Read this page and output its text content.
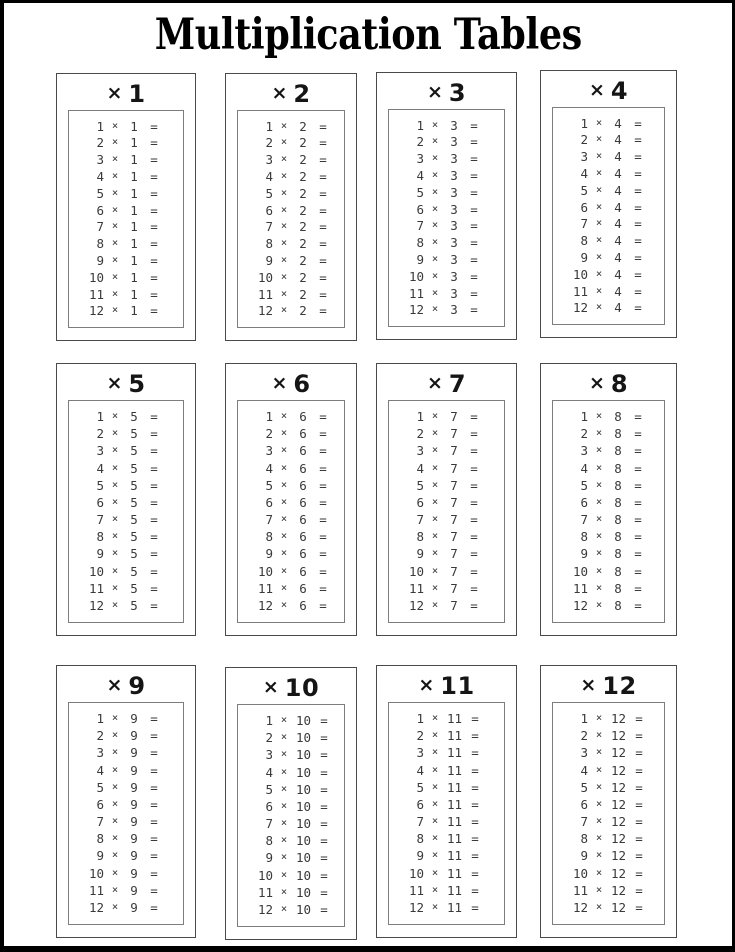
Multiplication Tables
× 1
1 × 1 =
2 × 1 =
3 × 1 =
4 × 1 =
5 × 1 =
6 × 1 =
7 × 1 =
8 × 1 =
9 × 1 =
10 × 1 =
11 × 1 =
12 × 1 =
× 2
1 × 2 =
2 × 2 =
3 × 2 =
4 × 2 =
5 × 2 =
6 × 2 =
7 × 2 =
8 × 2 =
9 × 2 =
10 × 2 =
11 × 2 =
12 × 2 =
× 3
1 × 3 =
2 × 3 =
3 × 3 =
4 × 3 =
5 × 3 =
6 × 3 =
7 × 3 =
8 × 3 =
9 × 3 =
10 × 3 =
11 × 3 =
12 × 3 =
× 4
1 × 4 =
2 × 4 =
3 × 4 =
4 × 4 =
5 × 4 =
6 × 4 =
7 × 4 =
8 × 4 =
9 × 4 =
10 × 4 =
11 × 4 =
12 × 4 =
× 5
1 × 5 =
2 × 5 =
3 × 5 =
4 × 5 =
5 × 5 =
6 × 5 =
7 × 5 =
8 × 5 =
9 × 5 =
10 × 5 =
11 × 5 =
12 × 5 =
× 6
1 × 6 =
2 × 6 =
3 × 6 =
4 × 6 =
5 × 6 =
6 × 6 =
7 × 6 =
8 × 6 =
9 × 6 =
10 × 6 =
11 × 6 =
12 × 6 =
× 7
1 × 7 =
2 × 7 =
3 × 7 =
4 × 7 =
5 × 7 =
6 × 7 =
7 × 7 =
8 × 7 =
9 × 7 =
10 × 7 =
11 × 7 =
12 × 7 =
× 8
1 × 8 =
2 × 8 =
3 × 8 =
4 × 8 =
5 × 8 =
6 × 8 =
7 × 8 =
8 × 8 =
9 × 8 =
10 × 8 =
11 × 8 =
12 × 8 =
× 9
1 × 9 =
2 × 9 =
3 × 9 =
4 × 9 =
5 × 9 =
6 × 9 =
7 × 9 =
8 × 9 =
9 × 9 =
10 × 9 =
11 × 9 =
12 × 9 =
× 10
1 × 10 =
2 × 10 =
3 × 10 =
4 × 10 =
5 × 10 =
6 × 10 =
7 × 10 =
8 × 10 =
9 × 10 =
10 × 10 =
11 × 10 =
12 × 10 =
× 11
1 × 11 =
2 × 11 =
3 × 11 =
4 × 11 =
5 × 11 =
6 × 11 =
7 × 11 =
8 × 11 =
9 × 11 =
10 × 11 =
11 × 11 =
12 × 11 =
× 12
1 × 12 =
2 × 12 =
3 × 12 =
4 × 12 =
5 × 12 =
6 × 12 =
7 × 12 =
8 × 12 =
9 × 12 =
10 × 12 =
11 × 12 =
12 × 12 =
